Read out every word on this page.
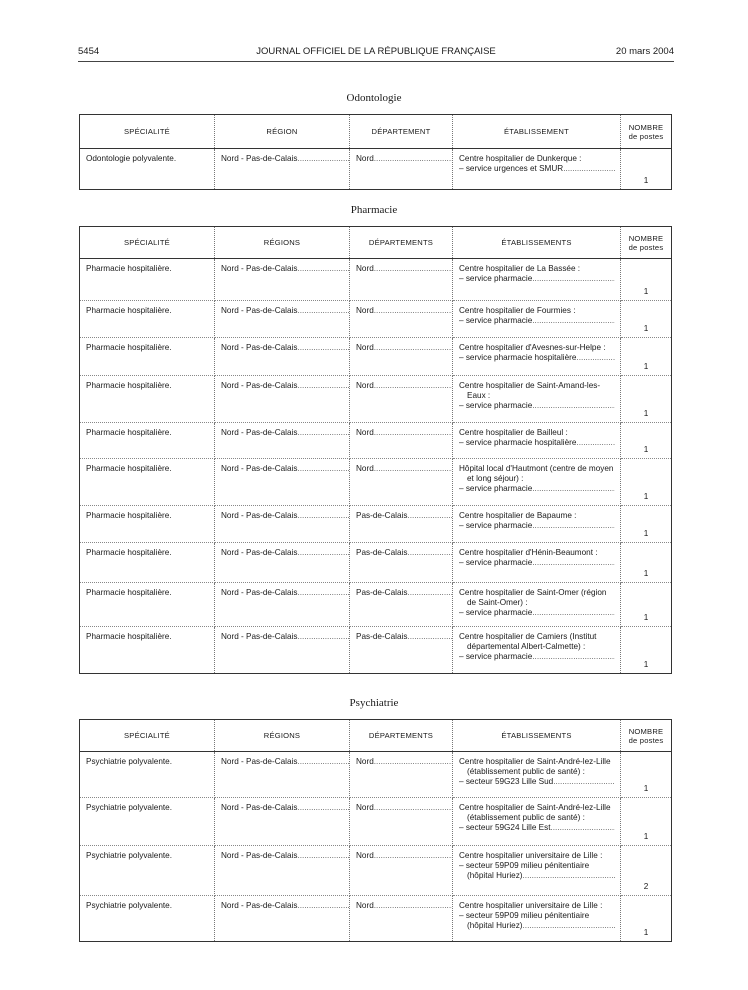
5454	JOURNAL OFFICIEL DE LA RÉPUBLIQUE FRANÇAISE	20 mars 2004
Odontologie
SPÉCIALITÉ	RÉGION	DÉPARTEMENT	ÉTABLISSEMENT	NOMBRE
de postes

Odontologie polyvalente.	Nord - Pas-de-Calais .....	Nord .....	Centre hospitalier de Dunkerque :
– service urgences et SMUR .....	1
Pharmacie
SPÉCIALITÉ	RÉGIONS	DÉPARTEMENTS	ÉTABLISSEMENTS	NOMBRE
de postes

Pharmacie hospitalière.	Nord - Pas-de-Calais .....	Nord .....	Centre hospitalier de La Bassée :
– service pharmacie .....	1

Pharmacie hospitalière.	Nord - Pas-de-Calais .....	Nord .....	Centre hospitalier de Fourmies :
– service pharmacie .....	1

Pharmacie hospitalière.	Nord - Pas-de-Calais .....	Nord .....	Centre hospitalier d'Avesnes-sur-Helpe :
– service pharmacie hospitalière .....	1

Pharmacie hospitalière.	Nord - Pas-de-Calais .....	Nord .....	Centre hospitalier de Saint-Amand-les-
Eaux :
– service pharmacie .....	1

Pharmacie hospitalière.	Nord - Pas-de-Calais .....	Nord .....	Centre hospitalier de Bailleul :
– service pharmacie hospitalière .....	1

Pharmacie hospitalière.	Nord - Pas-de-Calais .....	Nord .....	Hôpital local d'Hautmont (centre de moyen
et long séjour) :
– service pharmacie .....	1

Pharmacie hospitalière.	Nord - Pas-de-Calais .....	Pas-de-Calais .....	Centre hospitalier de Bapaume :
– service pharmacie .....	1

Pharmacie hospitalière.	Nord - Pas-de-Calais .....	Pas-de-Calais .....	Centre hospitalier d'Hénin-Beaumont :
– service pharmacie .....	1

Pharmacie hospitalière.	Nord - Pas-de-Calais .....	Pas-de-Calais .....	Centre hospitalier de Saint-Omer (région
de Saint-Omer) :
– service pharmacie .....	1

Pharmacie hospitalière.	Nord - Pas-de-Calais .....	Pas-de-Calais .....	Centre hospitalier de Camiers (Institut
départemental Albert-Calmette) :
– service pharmacie .....	1
Psychiatrie
SPÉCIALITÉ	RÉGIONS	DÉPARTEMENTS	ÉTABLISSEMENTS	NOMBRE
de postes

Psychiatrie polyvalente.	Nord - Pas-de-Calais .....	Nord .....	Centre hospitalier de Saint-André-lez-Lille
(établissement public de santé) :
– secteur 59G23 Lille Sud .....	1

Psychiatrie polyvalente.	Nord - Pas-de-Calais .....	Nord .....	Centre hospitalier de Saint-André-lez-Lille
(établissement public de santé) :
– secteur 59G24 Lille Est .....	1

Psychiatrie polyvalente.	Nord - Pas-de-Calais .....	Nord .....	Centre hospitalier universitaire de Lille :
– secteur 59P09 milieu pénitentiaire
(hôpital Huriez) .....	2

Psychiatrie polyvalente.	Nord - Pas-de-Calais .....	Nord .....	Centre hospitalier universitaire de Lille :
– secteur 59P09 milieu pénitentiaire
(hôpital Huriez) .....	1
